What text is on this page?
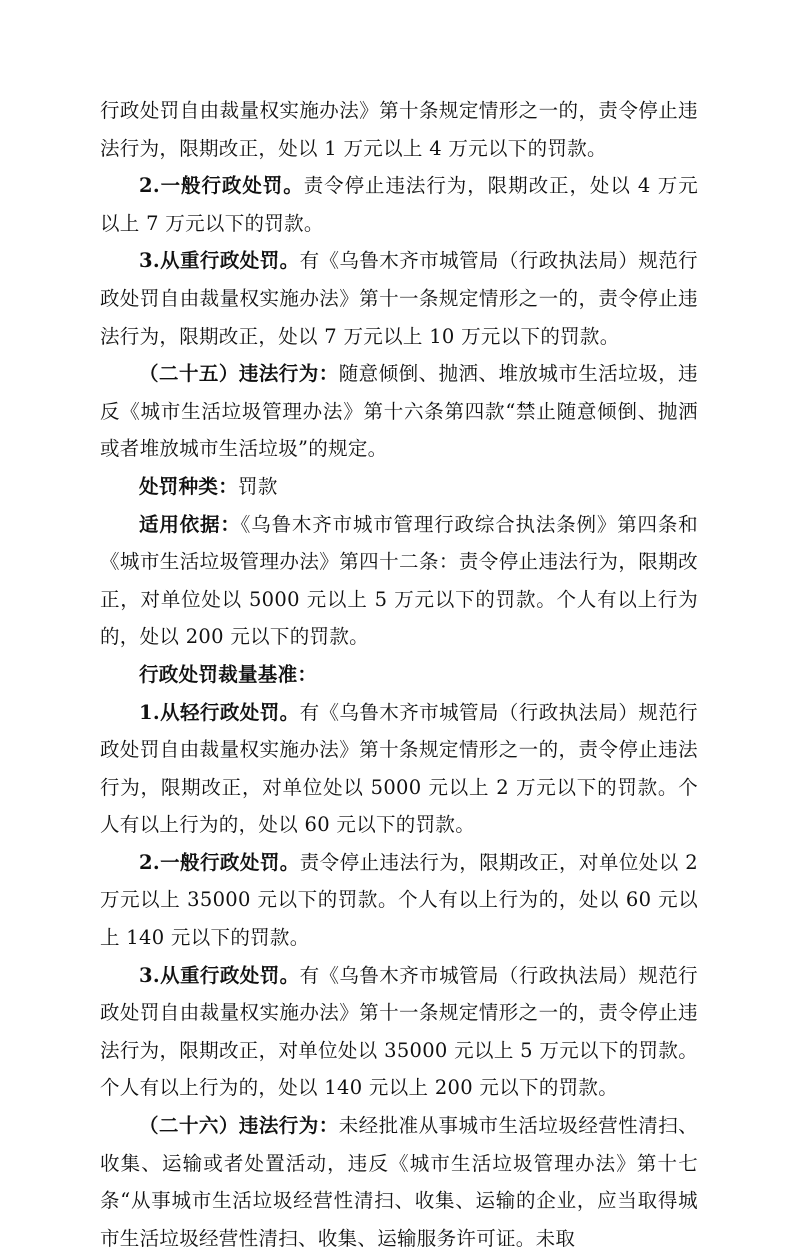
行政处罚自由裁量权实施办法》第十条规定情形之一的，责令停止违法行为，限期改正，处以 1 万元以上 4 万元以下的罚款。

2.一般行政处罚。责令停止违法行为，限期改正，处以 4 万元以上 7 万元以下的罚款。

3.从重行政处罚。有《乌鲁木齐市城管局（行政执法局）规范行政处罚自由裁量权实施办法》第十一条规定情形之一的，责令停止违法行为，限期改正，处以 7 万元以上 10 万元以下的罚款。

（二十五）违法行为：随意倾倒、抛洒、堆放城市生活垃圾，违反《城市生活垃圾管理办法》第十六条第四款“禁止随意倾倒、抛洒或者堆放城市生活垃圾”的规定。

处罚种类：罚款

适用依据：《乌鲁木齐市城市管理行政综合执法条例》第四条和《城市生活垃圾管理办法》第四十二条：责令停止违法行为，限期改正，对单位处以 5000 元以上 5 万元以下的罚款。个人有以上行为的，处以 200 元以下的罚款。

行政处罚裁量基准：

1.从轻行政处罚。有《乌鲁木齐市城管局（行政执法局）规范行政处罚自由裁量权实施办法》第十条规定情形之一的，责令停止违法行为，限期改正，对单位处以 5000 元以上 2 万元以下的罚款。个人有以上行为的，处以 60 元以下的罚款。

2.一般行政处罚。责令停止违法行为，限期改正，对单位处以 2 万元以上 35000 元以下的罚款。个人有以上行为的，处以 60 元以上 140 元以下的罚款。

3.从重行政处罚。有《乌鲁木齐市城管局（行政执法局）规范行政处罚自由裁量权实施办法》第十一条规定情形之一的，责令停止违法行为，限期改正，对单位处以 35000 元以上 5 万元以下的罚款。个人有以上行为的，处以 140 元以上 200 元以下的罚款。

（二十六）违法行为：未经批准从事城市生活垃圾经营性清扫、收集、运输或者处置活动，违反《城市生活垃圾管理办法》第十七条“从事城市生活垃圾经营性清扫、收集、运输的企业，应当取得城市生活垃圾经营性清扫、收集、运输服务许可证。未取
